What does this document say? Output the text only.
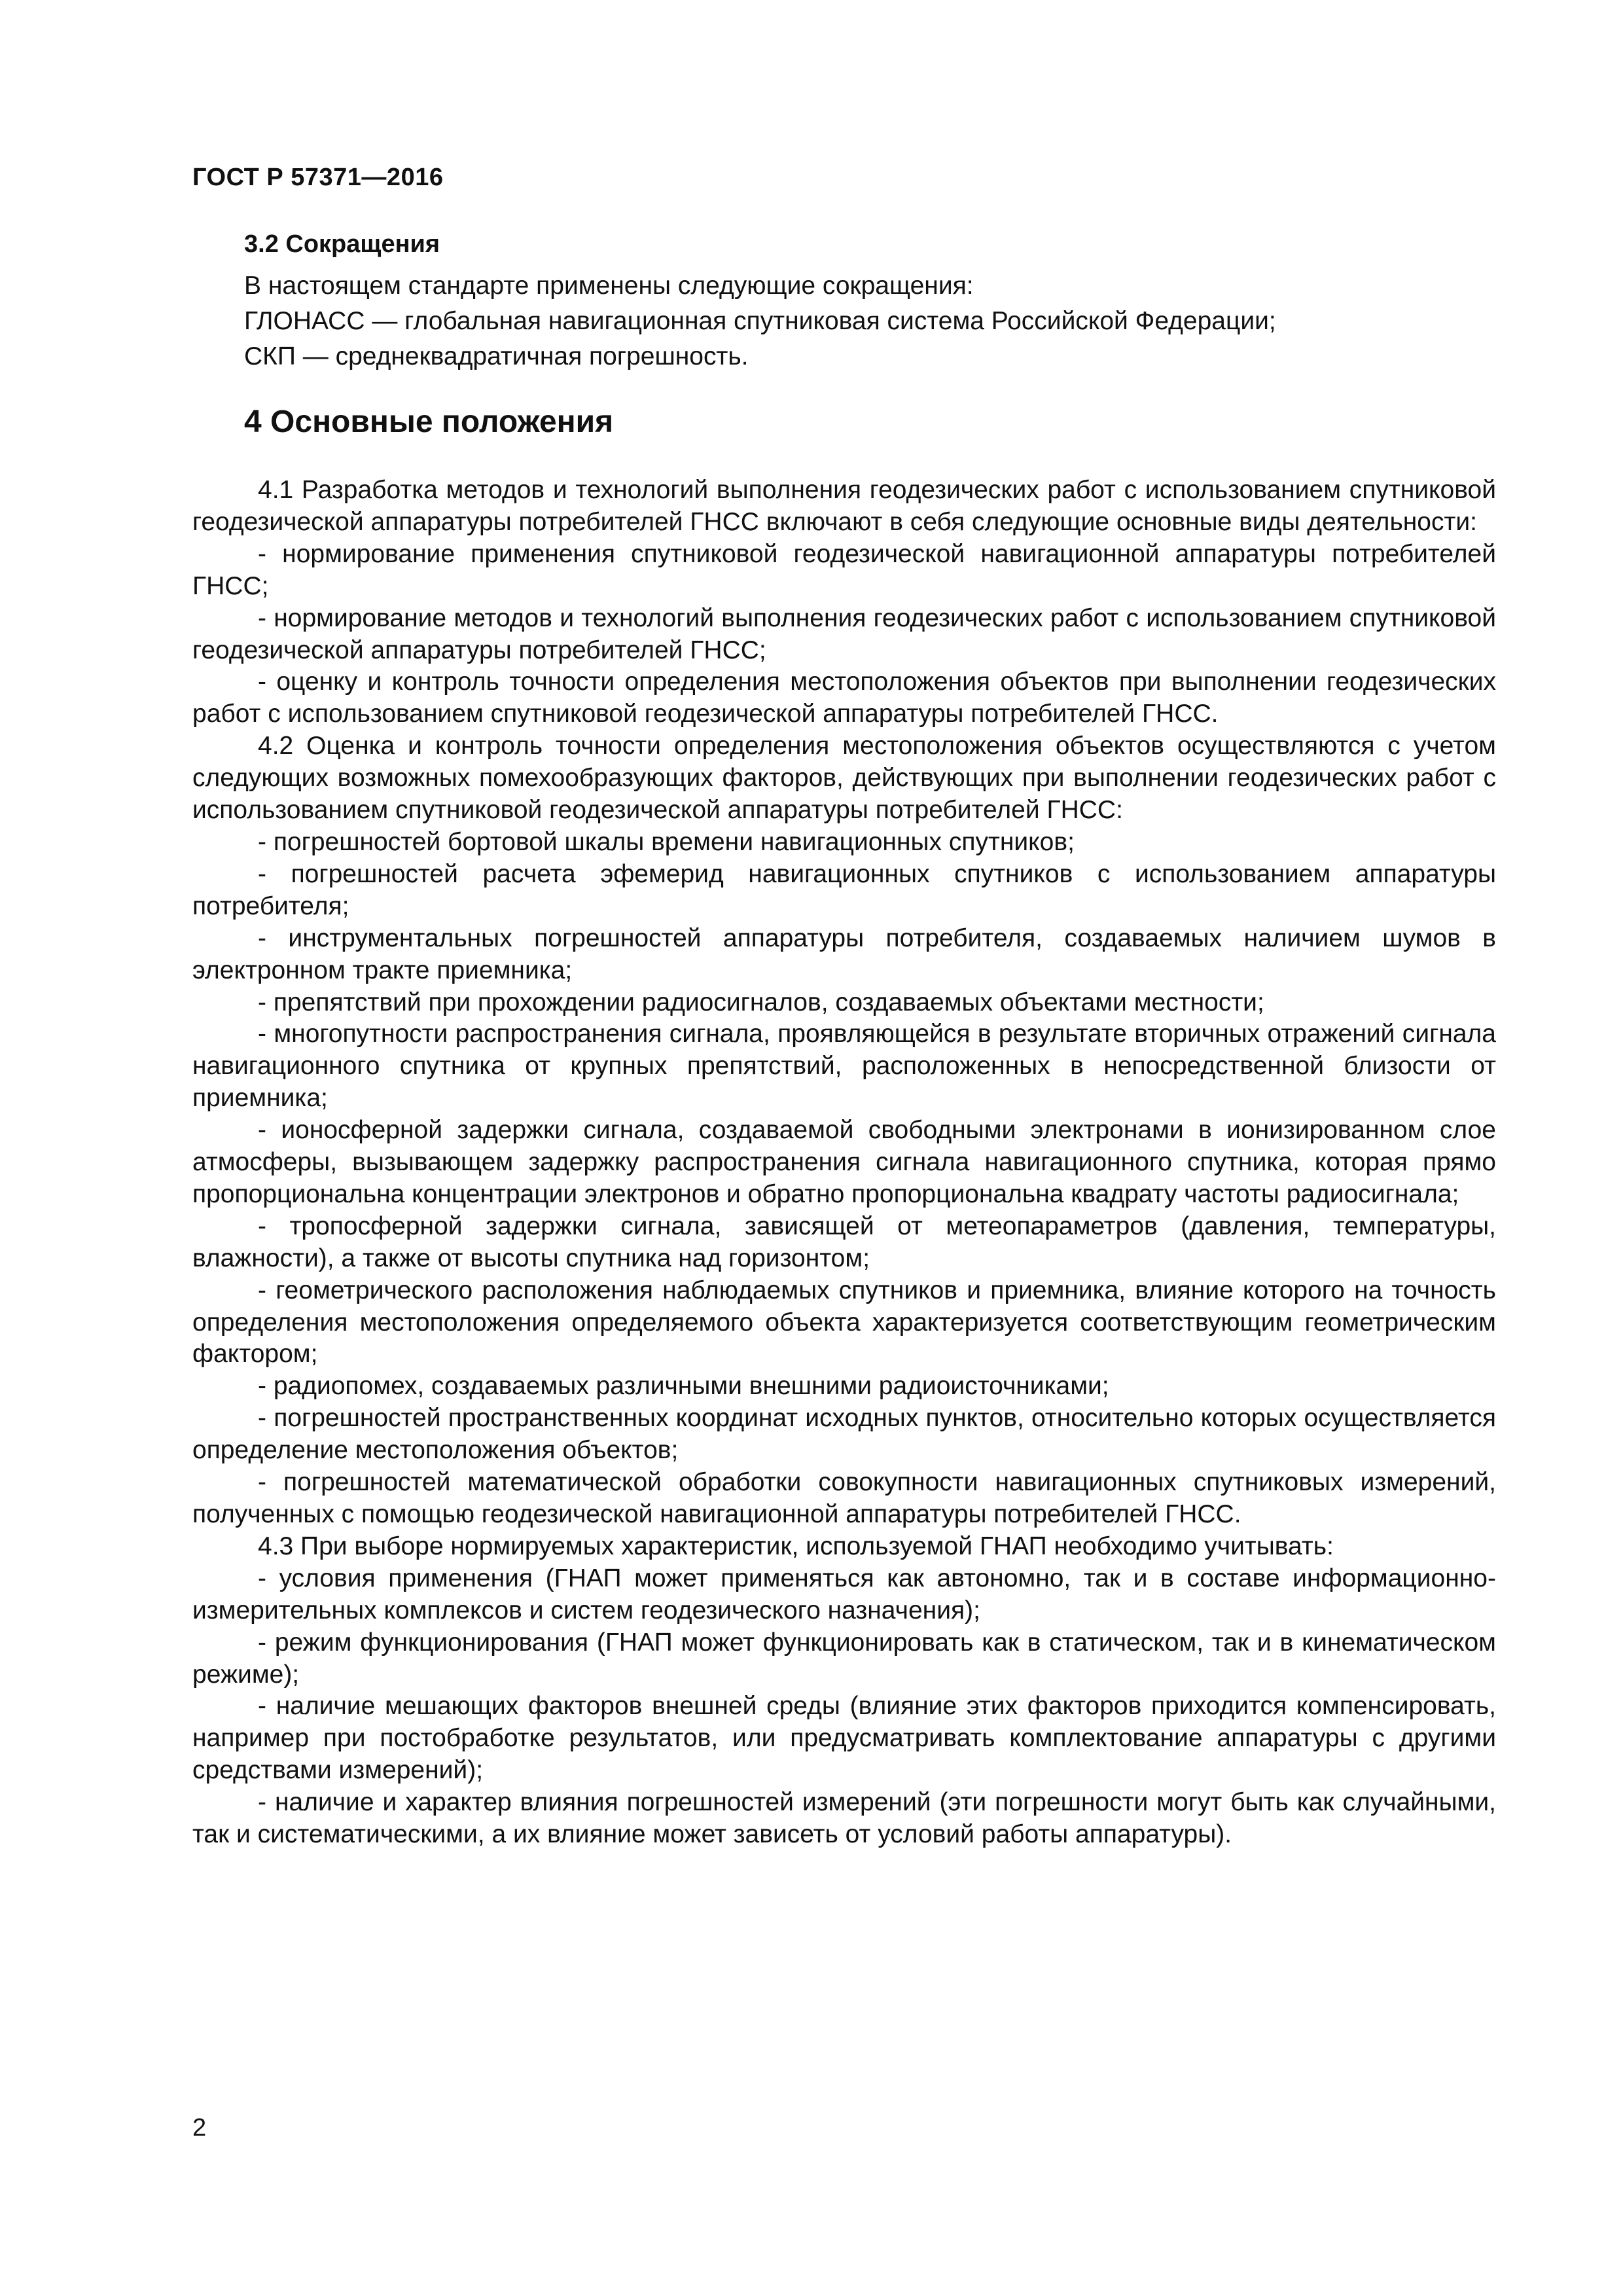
ГОСТ Р 57371—2016
3.2 Сокращения

В настоящем стандарте применены следующие сокращения:

ГЛОНАСС — глобальная навигационная спутниковая система Российской Федерации;

СКП — среднеквадратичная погрешность.

4 Основные положения

4.1 Разработка методов и технологий выполнения геодезических работ с использованием спутниковой геодезической аппаратуры потребителей ГНСС включают в себя следующие основные виды деятельности:

- нормирование применения спутниковой геодезической навигационной аппаратуры потребителей ГНСС;

- нормирование методов и технологий выполнения геодезических работ с использованием спутниковой геодезической аппаратуры потребителей ГНСС;

- оценку и контроль точности определения местоположения объектов при выполнении геодезических работ с использованием спутниковой геодезической аппаратуры потребителей ГНСС.

4.2 Оценка и контроль точности определения местоположения объектов осуществляются с учетом следующих возможных помехообразующих факторов, действующих при выполнении геодезических работ с использованием спутниковой геодезической аппаратуры потребителей ГНСС:

- погрешностей бортовой шкалы времени навигационных спутников;

- погрешностей расчета эфемерид навигационных спутников с использованием аппаратуры потребителя;

- инструментальных погрешностей аппаратуры потребителя, создаваемых наличием шумов в электронном тракте приемника;

- препятствий при прохождении радиосигналов, создаваемых объектами местности;

- многопутности распространения сигнала, проявляющейся в результате вторичных отражений сигнала навигационного спутника от крупных препятствий, расположенных в непосредственной близости от приемника;

- ионосферной задержки сигнала, создаваемой свободными электронами в ионизированном слое атмосферы, вызывающем задержку распространения сигнала навигационного спутника, которая прямо пропорциональна концентрации электронов и обратно пропорциональна квадрату частоты радиосигнала;

- тропосферной задержки сигнала, зависящей от метеопараметров (давления, температуры, влажности), а также от высоты спутника над горизонтом;

- геометрического расположения наблюдаемых спутников и приемника, влияние которого на точность определения местоположения определяемого объекта характеризуется соответствующим геометрическим фактором;

- радиопомех, создаваемых различными внешними радиоисточниками;

- погрешностей пространственных координат исходных пунктов, относительно которых осуществляется определение местоположения объектов;

- погрешностей математической обработки совокупности навигационных спутниковых измерений, полученных с помощью геодезической навигационной аппаратуры потребителей ГНСС.

4.3 При выборе нормируемых характеристик, используемой ГНАП необходимо учитывать:

- условия применения (ГНАП может применяться как автономно, так и в составе информационно-измерительных комплексов и систем геодезического назначения);

- режим функционирования (ГНАП может функционировать как в статическом, так и в кинематическом режиме);

- наличие мешающих факторов внешней среды (влияние этих факторов приходится компенсировать, например при постобработке результатов, или предусматривать комплектование аппаратуры с другими средствами измерений);

- наличие и характер влияния погрешностей измерений (эти погрешности могут быть как случайными, так и систематическими, а их влияние может зависеть от условий работы аппаратуры).

2
